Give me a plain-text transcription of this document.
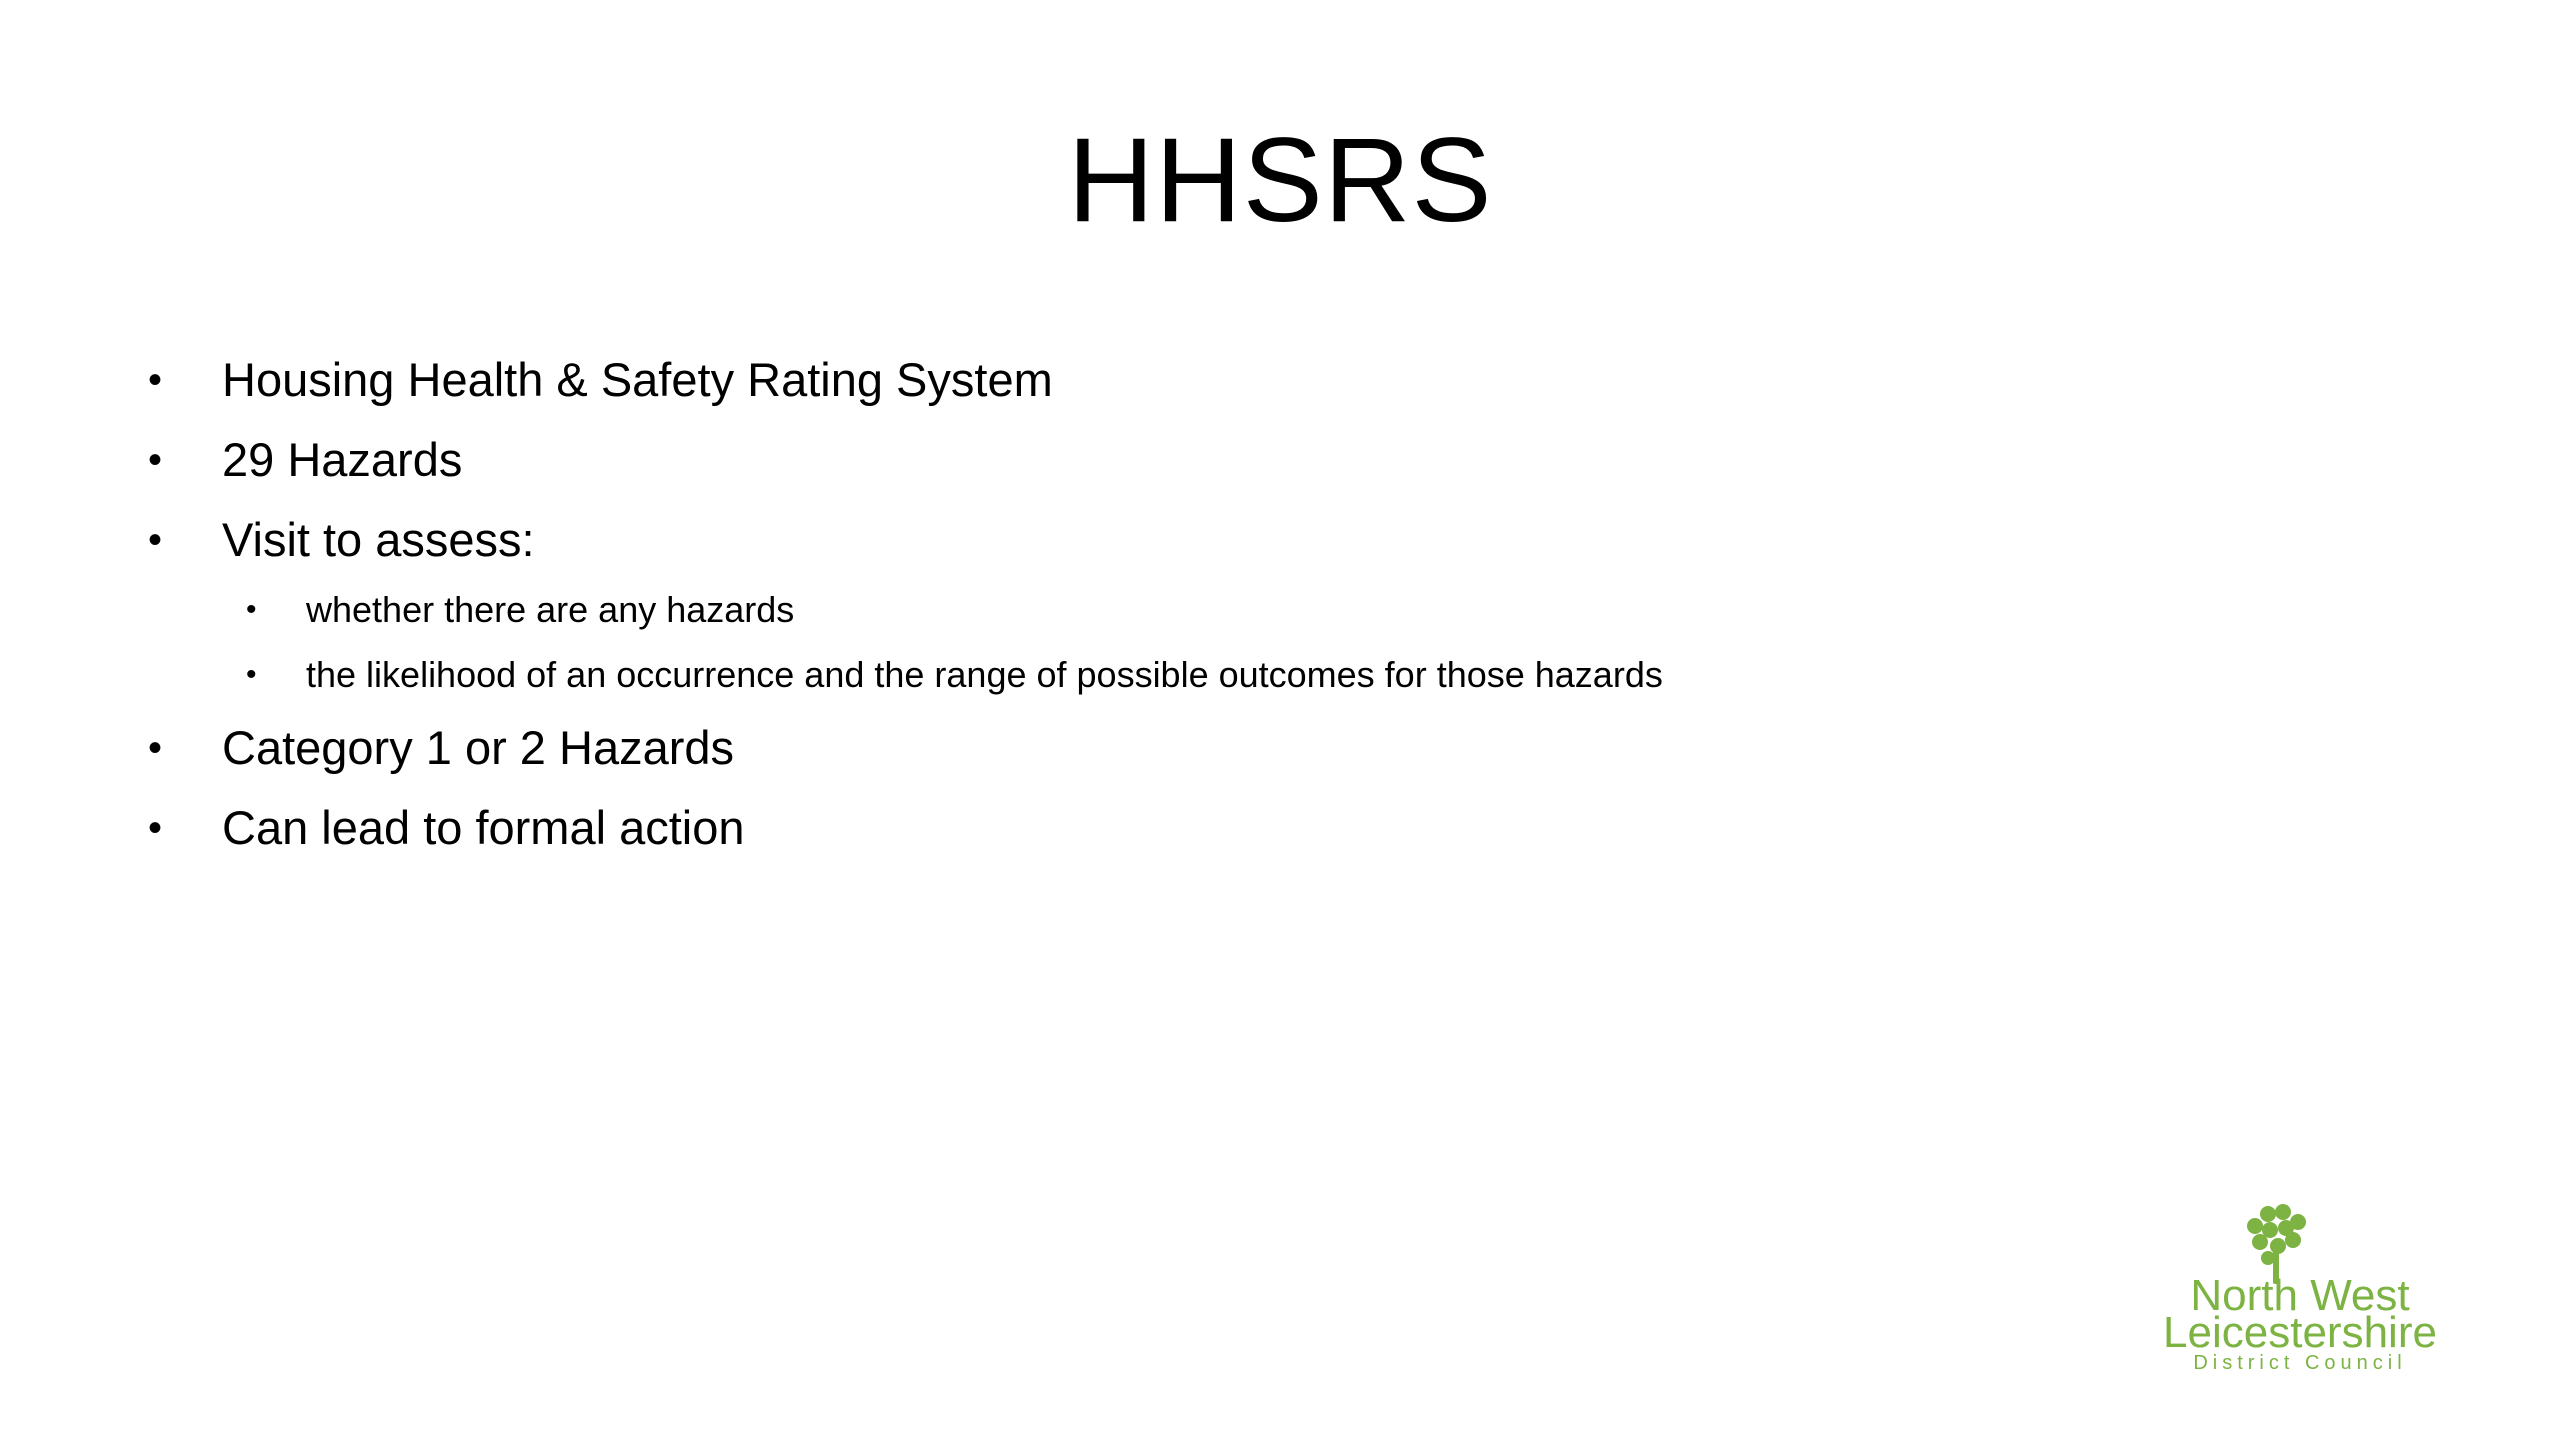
HHSRS
• Housing Health & Safety Rating System
• 29 Hazards
• Visit to assess:
• whether there are any hazards
• the likelihood of an occurrence and the range of possible outcomes for those hazards
• Category 1 or 2 Hazards
• Can lead to formal action
North West
Leicestershire
District Council
